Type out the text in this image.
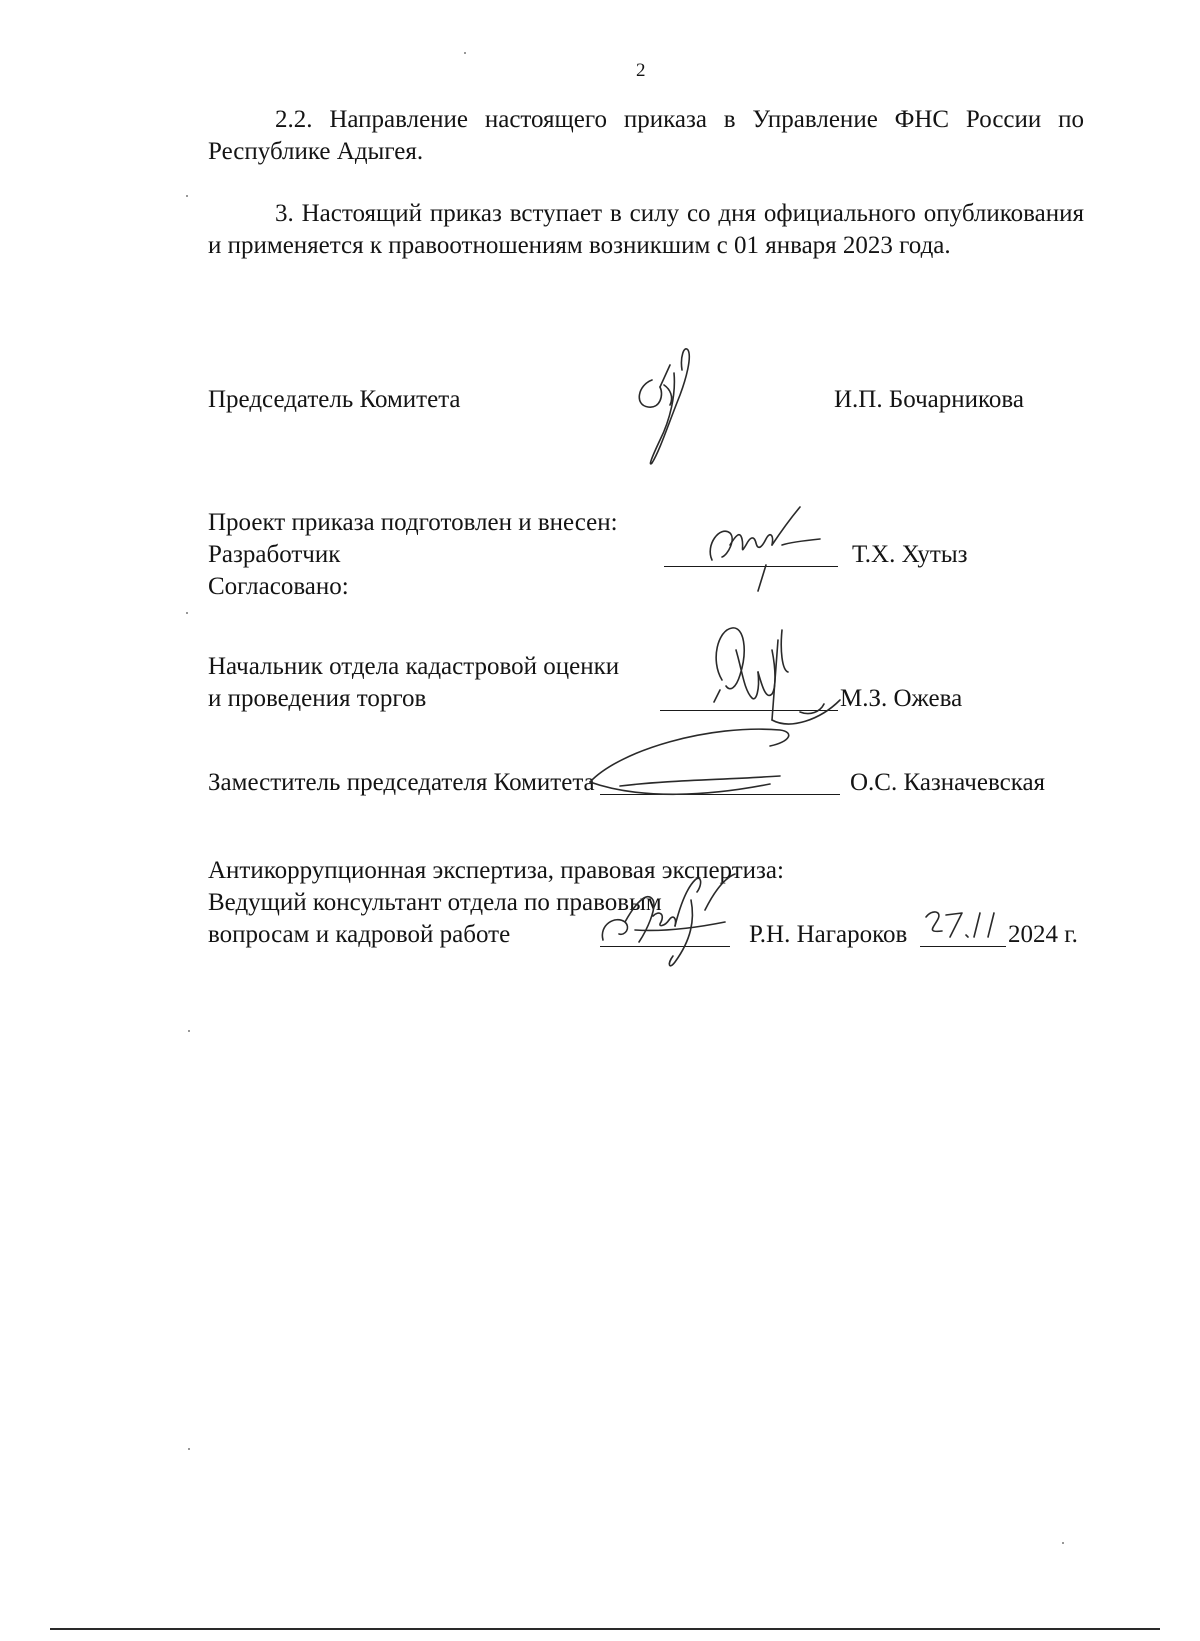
2

2.2. Направление настоящего приказа в Управление ФНС России по Республике Адыгея.

3. Настоящий приказ вступает в силу со дня официального опубликования и применяется к правоотношениям возникшим с 01 января 2023 года.

Председатель Комитета	И.П. Бочарникова
Проект приказа подготовлен и внесен:
Разработчик	Т.Х. Хутыз
Согласовано:
Начальник отдела кадастровой оценки
и проведения торгов	М.З. Ожева
Заместитель председателя Комитета	О.С. Казначевская
Антикоррупционная экспертиза, правовая экспертиза:
Ведущий консультант отдела по правовым
вопросам и кадровой работе	Р.Н. Нагароков	2024 г.
